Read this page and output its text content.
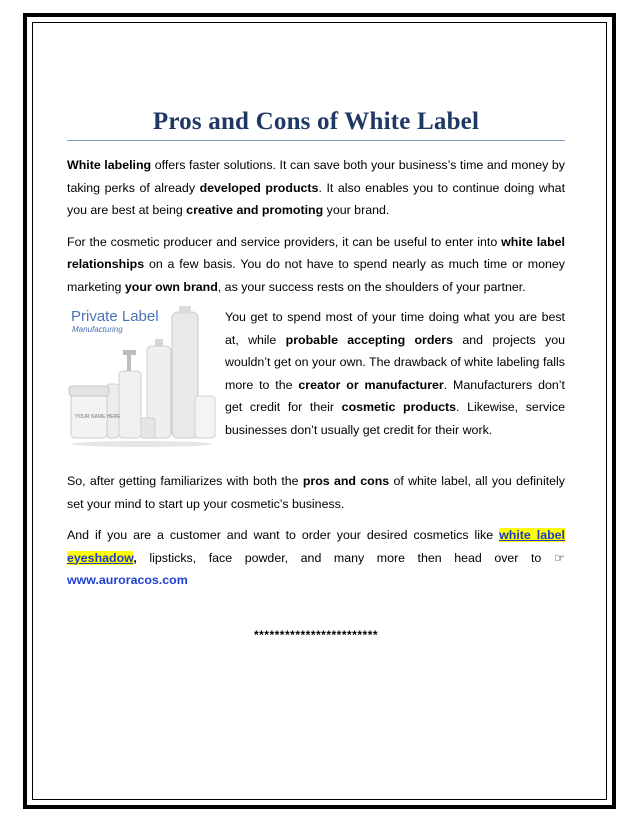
Pros and Cons of White Label

White labeling offers faster solutions. It can save both your business’s time and money by taking perks of already developed products. It also enables you to continue doing what you are best at being creative and promoting your brand.

For the cosmetic producer and service providers, it can be useful to enter into white label relationships on a few basis. You do not have to spend nearly as much time or money marketing your own brand, as your success rests on the shoulders of your partner.

Private Label
Manufacturing
YOUR NAME HERE

You get to spend most of your time doing what you are best at, while probable accepting orders and projects you wouldn’t get on your own. The drawback of white labeling falls more to the creator or manufacturer. Manufacturers don’t get credit for their cosmetic products. Likewise, service businesses don’t usually get credit for their work.

So, after getting familiarizes with both the pros and cons of white label, all you definitely set your mind to start up your cosmetic’s business.

And if you are a customer and want to order your desired cosmetics like white label eyeshadow, lipsticks, face powder, and many more then head over to ☞www.auroracos.com

************************
